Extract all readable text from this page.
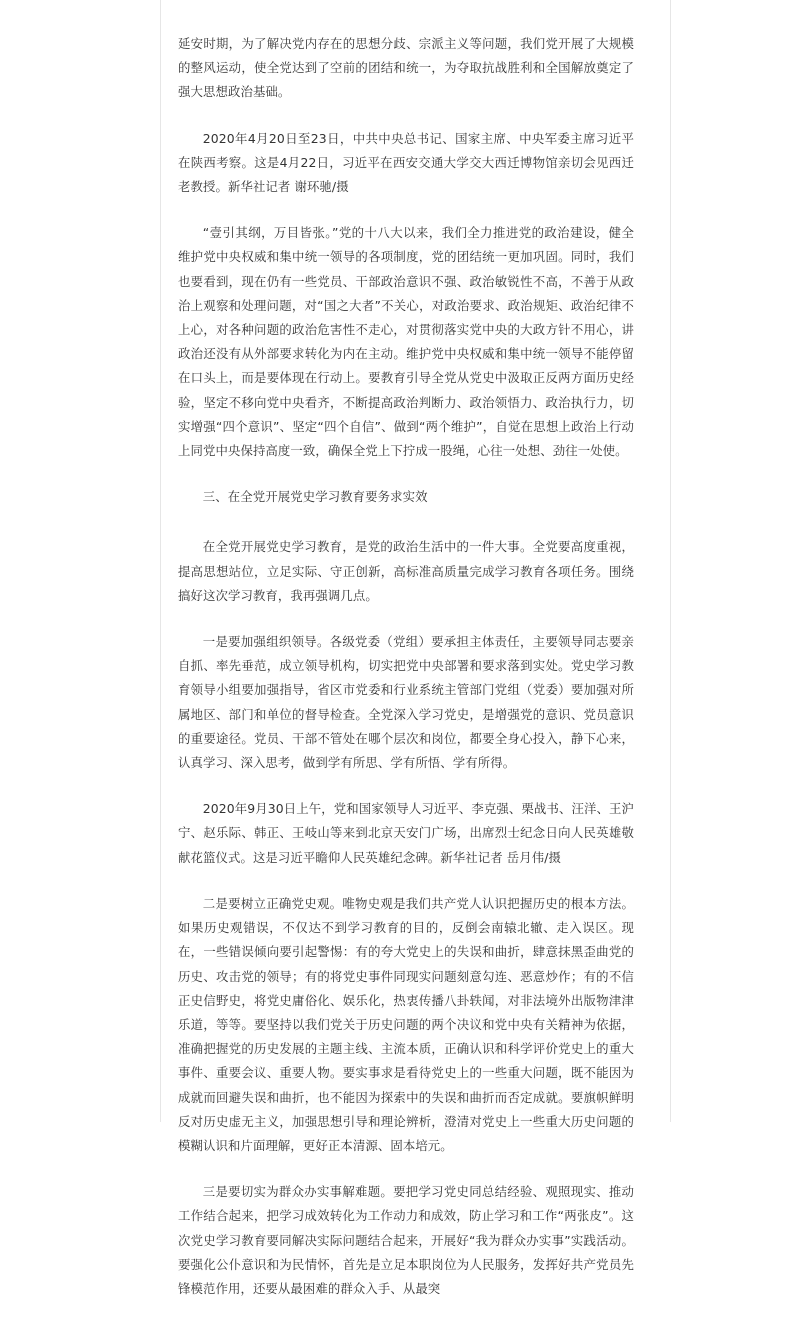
延安时期，为了解决党内存在的思想分歧、宗派主义等问题，我们党开展了大规模的整风运动，使全党达到了空前的团结和统一，为夺取抗战胜利和全国解放奠定了强大思想政治基础。

2020年4月20日至23日，中共中央总书记、国家主席、中央军委主席习近平在陕西考察。这是4月22日，习近平在西安交通大学交大西迁博物馆亲切会见西迁老教授。新华社记者 谢环驰/摄

“壹引其纲，万目皆张。”党的十八大以来，我们全力推进党的政治建设，健全维护党中央权威和集中统一领导的各项制度，党的团结统一更加巩固。同时，我们也要看到，现在仍有一些党员、干部政治意识不强、政治敏锐性不高，不善于从政治上观察和处理问题，对“国之大者”不关心，对政治要求、政治规矩、政治纪律不上心，对各种问题的政治危害性不走心，对贯彻落实党中央的大政方针不用心，讲政治还没有从外部要求转化为内在主动。维护党中央权威和集中统一领导不能停留在口头上，而是要体现在行动上。要教育引导全党从党史中汲取正反两方面历史经验，坚定不移向党中央看齐，不断提高政治判断力、政治领悟力、政治执行力，切实增强“四个意识”、坚定“四个自信”、做到“两个维护”，自觉在思想上政治上行动上同党中央保持高度一致，确保全党上下拧成一股绳，心往一处想、劲往一处使。

三、在全党开展党史学习教育要务求实效

在全党开展党史学习教育，是党的政治生活中的一件大事。全党要高度重视，提高思想站位，立足实际、守正创新，高标准高质量完成学习教育各项任务。围绕搞好这次学习教育，我再强调几点。

一是要加强组织领导。各级党委（党组）要承担主体责任，主要领导同志要亲自抓、率先垂范，成立领导机构，切实把党中央部署和要求落到实处。党史学习教育领导小组要加强指导，省区市党委和行业系统主管部门党组（党委）要加强对所属地区、部门和单位的督导检查。全党深入学习党史，是增强党的意识、党员意识的重要途径。党员、干部不管处在哪个层次和岗位，都要全身心投入，静下心来，认真学习、深入思考，做到学有所思、学有所悟、学有所得。

2020年9月30日上午，党和国家领导人习近平、李克强、栗战书、汪洋、王沪宁、赵乐际、韩正、王岐山等来到北京天安门广场，出席烈士纪念日向人民英雄敬献花篮仪式。这是习近平瞻仰人民英雄纪念碑。新华社记者 岳月伟/摄

二是要树立正确党史观。唯物史观是我们共产党人认识把握历史的根本方法。如果历史观错误，不仅达不到学习教育的目的，反倒会南辕北辙、走入误区。现在，一些错误倾向要引起警惕：有的夸大党史上的失误和曲折，肆意抹黑歪曲党的历史、攻击党的领导；有的将党史事件同现实问题刻意勾连、恶意炒作；有的不信正史信野史，将党史庸俗化、娱乐化，热衷传播八卦轶闻，对非法境外出版物津津乐道，等等。要坚持以我们党关于历史问题的两个决议和党中央有关精神为依据，准确把握党的历史发展的主题主线、主流本质，正确认识和科学评价党史上的重大事件、重要会议、重要人物。要实事求是看待党史上的一些重大问题，既不能因为成就而回避失误和曲折，也不能因为探索中的失误和曲折而否定成就。要旗帜鲜明反对历史虚无主义，加强思想引导和理论辨析，澄清对党史上一些重大历史问题的模糊认识和片面理解，更好正本清源、固本培元。

三是要切实为群众办实事解难题。要把学习党史同总结经验、观照现实、推动工作结合起来，把学习成效转化为工作动力和成效，防止学习和工作“两张皮”。这次党史学习教育要同解决实际问题结合起来，开展好“我为群众办实事”实践活动。要强化公仆意识和为民情怀，首先是立足本职岗位为人民服务，发挥好共产党员先锋模范作用，还要从最困难的群众入手、从最突
